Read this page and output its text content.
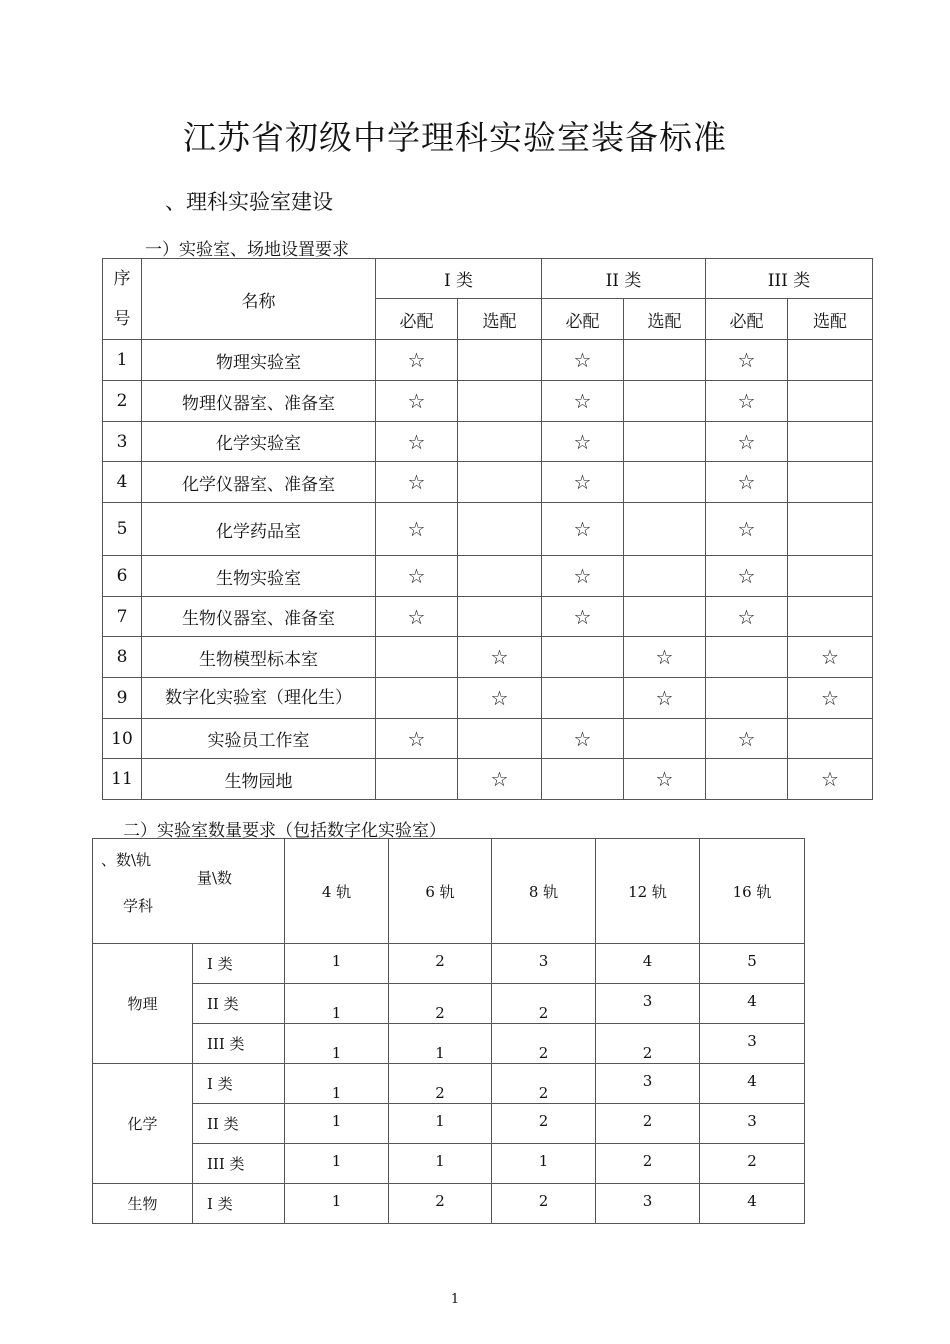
江苏省初级中学理科实验室装备标准
、理科实验室建设
一）实验室、场地设置要求
序号	名称	I 类		II 类		III 类	
		必配	选配	必配	选配	必配	选配
1	物理实验室	☆		☆		☆	
2	物理仪器室、准备室	☆		☆		☆	
3	化学实验室	☆		☆		☆	
4	化学仪器室、准备室	☆		☆		☆	
5	化学药品室	☆		☆		☆	
6	生物实验室	☆		☆		☆	
7	生物仪器室、准备室	☆		☆		☆	
8	生物模型标本室		☆		☆		☆
9	数字化实验室（理化生）		☆		☆		☆
10	实验员工作室	☆		☆		☆	
11	生物园地		☆		☆		☆
二）实验室数量要求（包括数字化实验室）
、数\轨
量\数
学科		4 轨	6 轨	8 轨	12 轨	16 轨
物理	I 类	1	2	3	4	5
	II 类	1	2	2	3	4
	III 类	1	1	2	2	3
化学	I 类	1	2	2	3	4
	II 类	1	1	2	2	3
	III 类	1	1	1	2	2
生物	I 类	1	2	2	3	4
1
